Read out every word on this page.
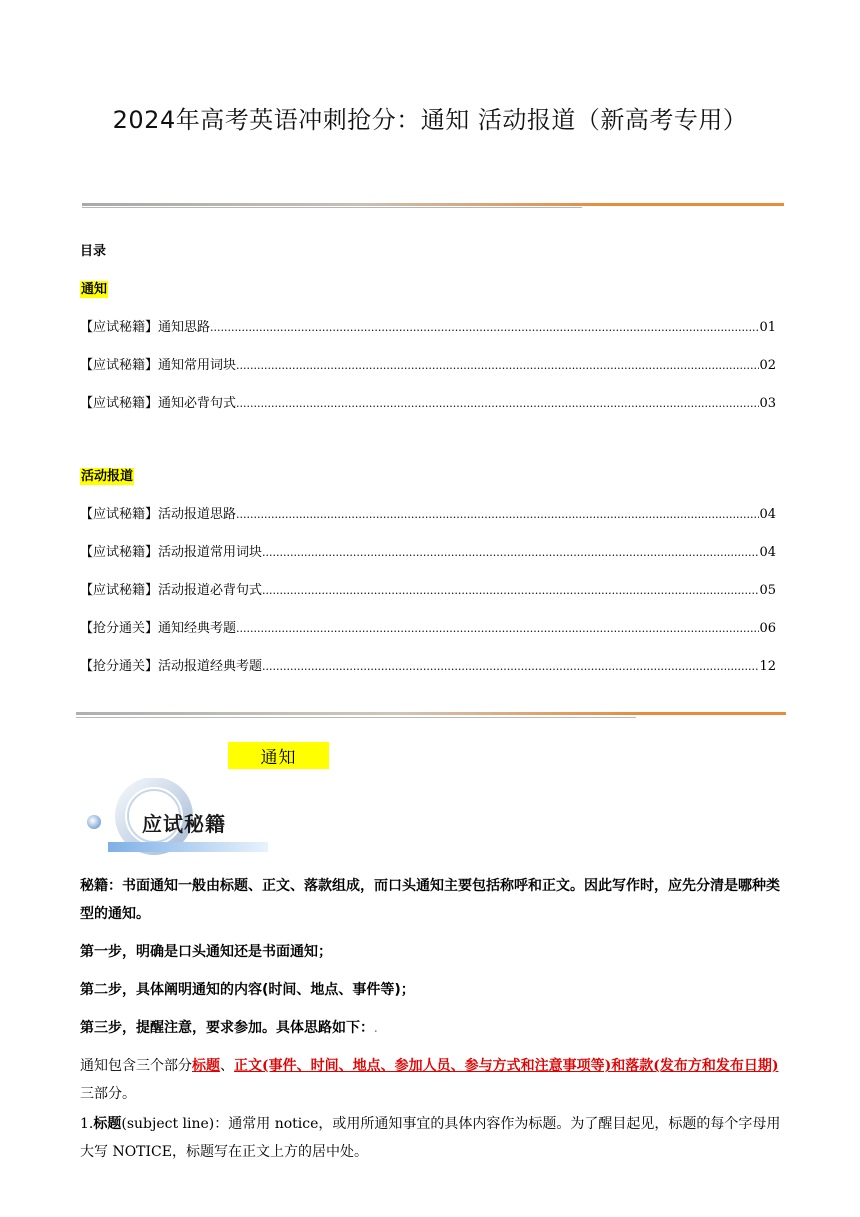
2024年高考英语冲刺抢分：通知 活动报道（新高考专用）
目录
通知
【应试秘籍】通知思路 .....	01
【应试秘籍】通知常用词块 .....	02
【应试秘籍】通知必背句式 .....	03
活动报道
【应试秘籍】活动报道思路 .....	04
【应试秘籍】活动报道常用词块 .....	04
【应试秘籍】活动报道必背句式 .....	05
【抢分通关】通知经典考题 .....	06
【抢分通关】活动报道经典考题 .....	12
通知
应试秘籍
秘籍：书面通知一般由标题、正文、落款组成，而口头通知主要包括称呼和正文。因此写作时，应先分清是哪种类型的通知。
第一步，明确是口头通知还是书面通知；
第二步，具体阐明通知的内容(时间、地点、事件等)；
第三步，提醒注意，要求参加。具体思路如下：.
通知包含三个部分标题、正文(事件、时间、地点、参加人员、参与方式和注意事项等)和落款(发布方和发布日期)三部分。
1.标题(subject line)：通常用 notice，或用所通知事宜的具体内容作为标题。为了醒目起见，标题的每个字母用大写 NOTICE，标题写在正文上方的居中处。
